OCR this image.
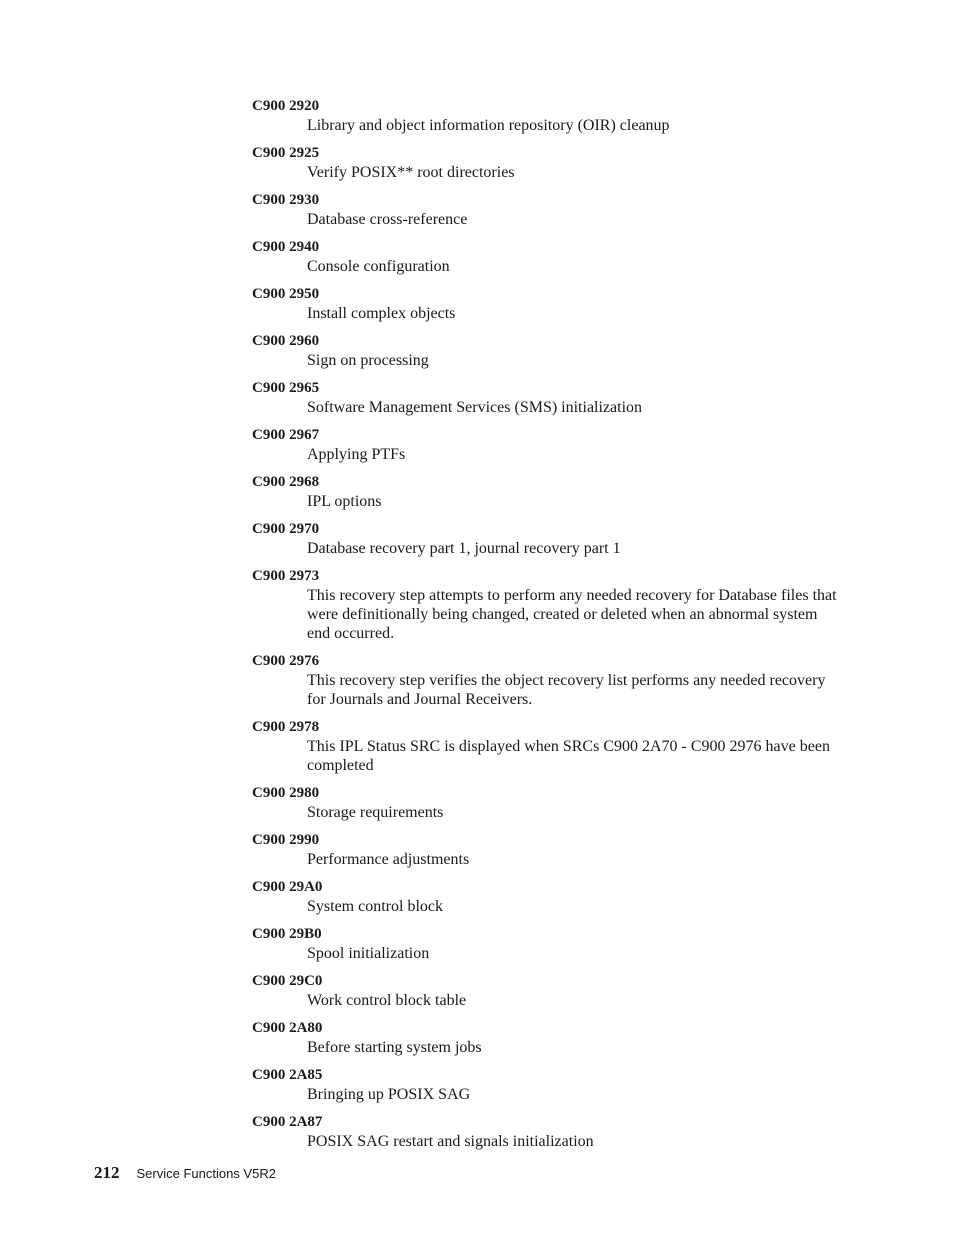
C900 2920
Library and object information repository (OIR) cleanup
C900 2925
Verify POSIX** root directories
C900 2930
Database cross-reference
C900 2940
Console configuration
C900 2950
Install complex objects
C900 2960
Sign on processing
C900 2965
Software Management Services (SMS) initialization
C900 2967
Applying PTFs
C900 2968
IPL options
C900 2970
Database recovery part 1, journal recovery part 1
C900 2973
This recovery step attempts to perform any needed recovery for Database files that were definitionally being changed, created or deleted when an abnormal system end occurred.
C900 2976
This recovery step verifies the object recovery list performs any needed recovery for Journals and Journal Receivers.
C900 2978
This IPL Status SRC is displayed when SRCs C900 2A70 - C900 2976 have been completed
C900 2980
Storage requirements
C900 2990
Performance adjustments
C900 29A0
System control block
C900 29B0
Spool initialization
C900 29C0
Work control block table
C900 2A80
Before starting system jobs
C900 2A85
Bringing up POSIX SAG
C900 2A87
POSIX SAG restart and signals initialization
212 Service Functions V5R2
